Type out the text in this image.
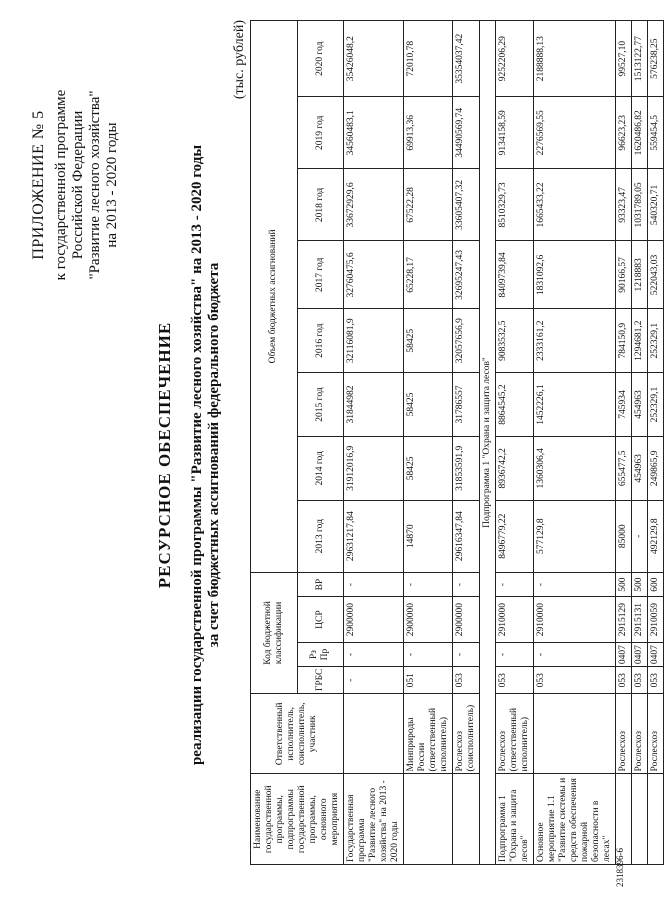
ПРИЛОЖЕНИЕ № 5 к государственной программе Российской Федерации "Развитие лесного хозяйства" на 2013 - 2020 годы
РЕСУРСНОЕ ОБЕСПЕЧЕНИЕ реализации государственной программы "Развитие лесного хозяйства" на 2013 - 2020 годы за счет бюджетных ассигнований федерального бюджета
(тыс. рублей)
Наименование государственной программы, подпрограммы государственной программы, основного мероприятия	Ответственный исполнитель, соисполнитель, участник	Код бюджетной классификации				Объем бюджетных ассигнований							
		ГРБС	Рз Пр	ЦСР	ВР	2013 год	2014 год	2015 год	2016 год	2017 год	2018 год	2019 год	2020 год
Государственная программа "Развитие лесного хозяйства" на 2013 - 2020 годы		-	-	2900000	-	29631217,84	31912016,9	31844982	32116081,9	32760475,6	33672929,6	34560483,1	35426048,2
	Минприроды России (ответственный исполнитель)	051	-	2900000	-	14870	58425	58425	58425	65228,17	67522,28	69913,36	72010,78
	Рослесхоз (соисполнитель)	053	-	2900000	-	29616347,84	31853591,9	31786557	32057656,9	32695247,43	33605407,32	34490569,74	35354037,42
Подпрограмма 1 "Охрана и защита лесов"													
Подпрограмма 1 "Охрана и защита лесов"	Рослесхоз (ответственный исполнитель)	053	-	2910000	-	8496779,22	8936742,2	8864545,2	9083532,5	8409739,84	8510329,73	9134158,59	9252206,29
Основное мероприятие 1.1 "Развитие системы и средств обеспечения пожарной безопасности в лесах"		053	-	2910000	-	577129,8	1360306,4	1452226,1	2333161,2	1831092,6	1665433,22	2276569,55	2188888,13
	Рослесхоз	053	0407	2915129	500	85000	655477,5	745934	784150,9	90166,57	93323,47	96623,23	99527,10
	Рослесхоз	053	0407	2915131	500	-	454963	454963	1294681,2	1218883	1031789,05	1620486,82	1513122,77
	Рослесхоз	053	0407	2910059	600	492129,8	249865,9	252329,1	252329,1	522043,03	540320,71	559454,5	576238,25
2318396-6
